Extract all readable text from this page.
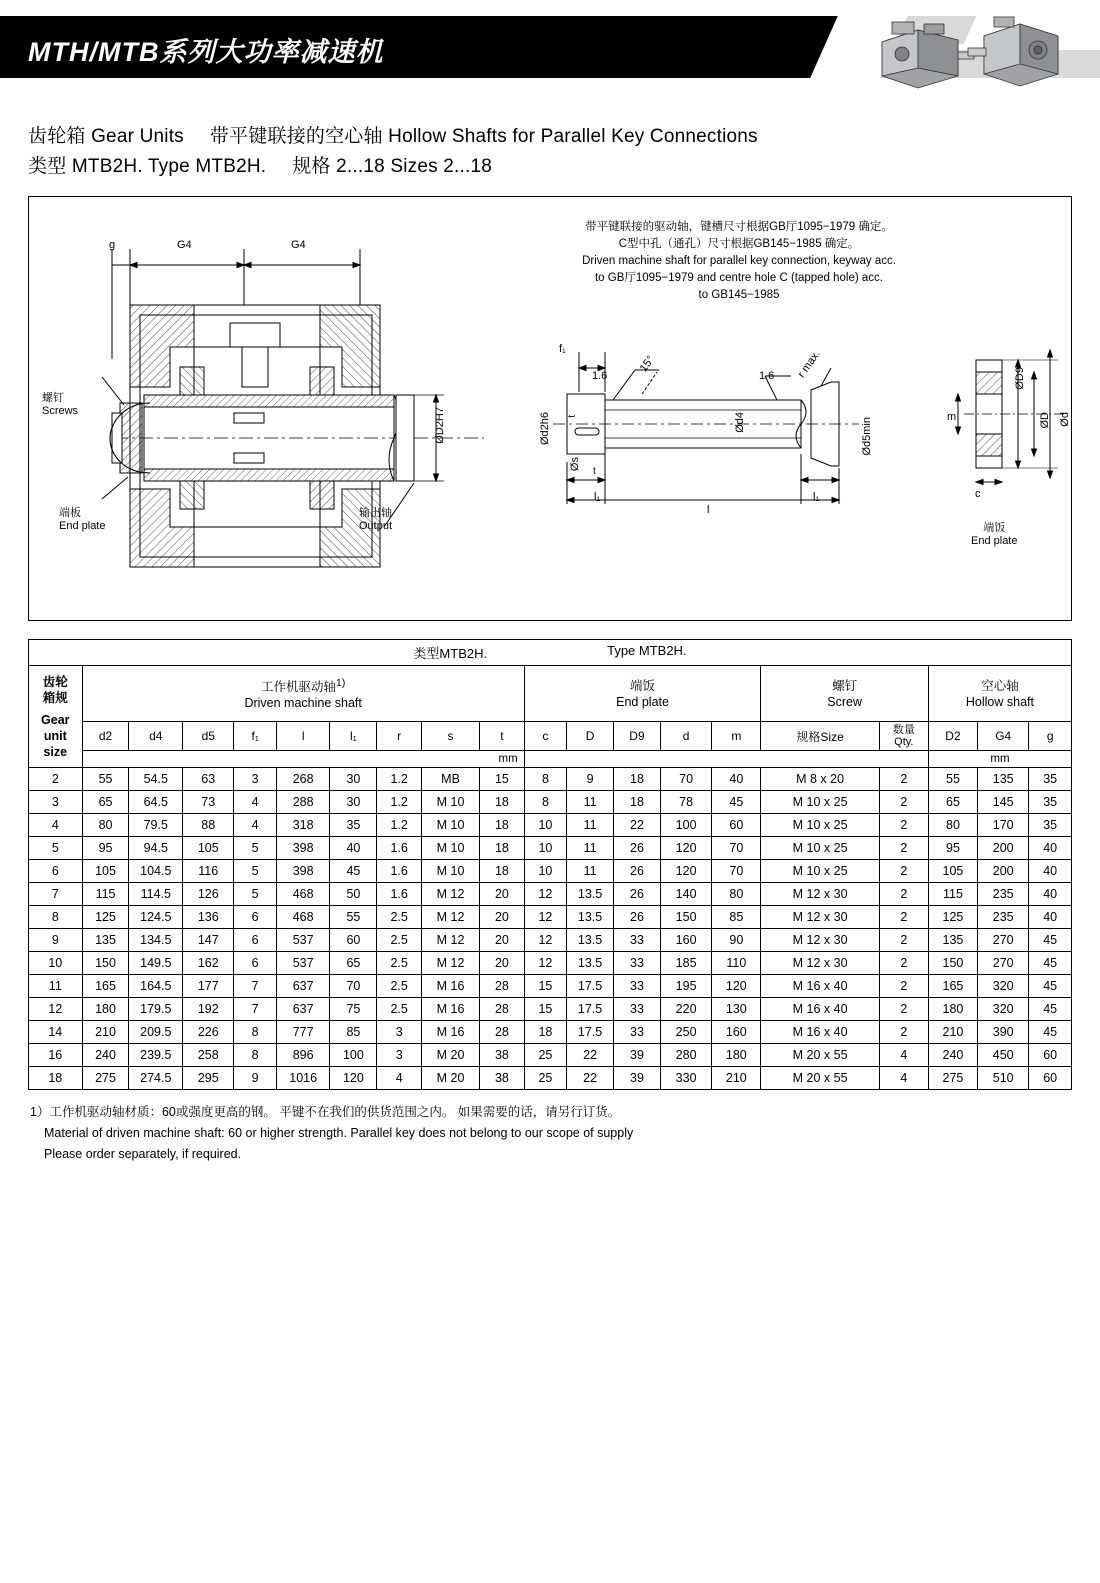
MTH/MTB系列大功率减速机
齿轮箱 Gear Units 带平键联接的空心轴 Hollow Shafts for Parallel Key Connections
类型 MTB2H. Type MTB2H. 规格 2...18 Sizes 2...18
带平键联接的驱动轴，键槽尺寸根据GB厅1095−1979 确定。
C型中孔（通孔）尺寸根据GB145−1985 确定。
Driven machine shaft for parallel key connection, keyway acc.
to GB厅1095−1979 and centre hole C (tapped hole) acc.
to GB145−1985
g	G4	G4
螺钉
Screws
端板
End plate
输出轴
Output
ØD2H7
f₁
1.6
15°
1.6 r max.
Ød2h6 t
Øs
t
Ød4	Ød5min
l₁	l₁
l
ØD9
ØD Ød
m
c
端饭
End plate
类型MTB2H. Type MTB2H.																			

齿轮
箱规
Gear
unit
size

工作机驱动轴$^{1)}$
Driven machine shaft

端饭
End plate

螺钉
Screw

空心轴
Hollow shaft

	d2	d4	d5	f₁	l	l₁	r	s	t	c	D	D9	d	m	规格Size	数量
Qty.	D2	G4	g
	mm																mm		
2	55	54.5	63	3	268	30	1.2	MB	15	8	9	18	70	40	M 8 x 20	2	55	135	35
3	65	64.5	73	4	288	30	1.2	M 10	18	8	11	18	78	45	M 10 x 25	2	65	145	35
4	80	79.5	88	4	318	35	1.2	M 10	18	10	11	22	100	60	M 10 x 25	2	80	170	35
5	95	94.5	105	5	398	40	1.6	M 10	18	10	11	26	120	70	M 10 x 25	2	95	200	40
6	105	104.5	116	5	398	45	1.6	M 10	18	10	11	26	120	70	M 10 x 25	2	105	200	40
7	115	114.5	126	5	468	50	1.6	M 12	20	12	13.5	26	140	80	M 12 x 30	2	115	235	40
8	125	124.5	136	6	468	55	2.5	M 12	20	12	13.5	26	150	85	M 12 x 30	2	125	235	40
9	135	134.5	147	6	537	60	2.5	M 12	20	12	13.5	33	160	90	M 12 x 30	2	135	270	45
10	150	149.5	162	6	537	65	2.5	M 12	20	12	13.5	33	185	110	M 12 x 30	2	150	270	45
11	165	164.5	177	7	637	70	2.5	M 16	28	15	17.5	33	195	120	M 16 x 40	2	165	320	45
12	180	179.5	192	7	637	75	2.5	M 16	28	15	17.5	33	220	130	M 16 x 40	2	180	320	45
14	210	209.5	226	8	777	85	3	M 16	28	18	17.5	33	250	160	M 16 x 40	2	210	390	45
16	240	239.5	258	8	896	100	3	M 20	38	25	22	39	280	180	M 20 x 55	4	240	450	60
18	275	274.5	295	9	1016	120	4	M 20	38	25	22	39	330	210	M 20 x 55	4	275	510	60
1）工作机驱动轴材质：60或强度更高的钢。 平键不在我们的供货范围之内。 如果需要的话，请另行订货。
Material of driven machine shaft: 60 or higher strength. Parallel key does not belong to our scope of supply
Please order separately, if required.
